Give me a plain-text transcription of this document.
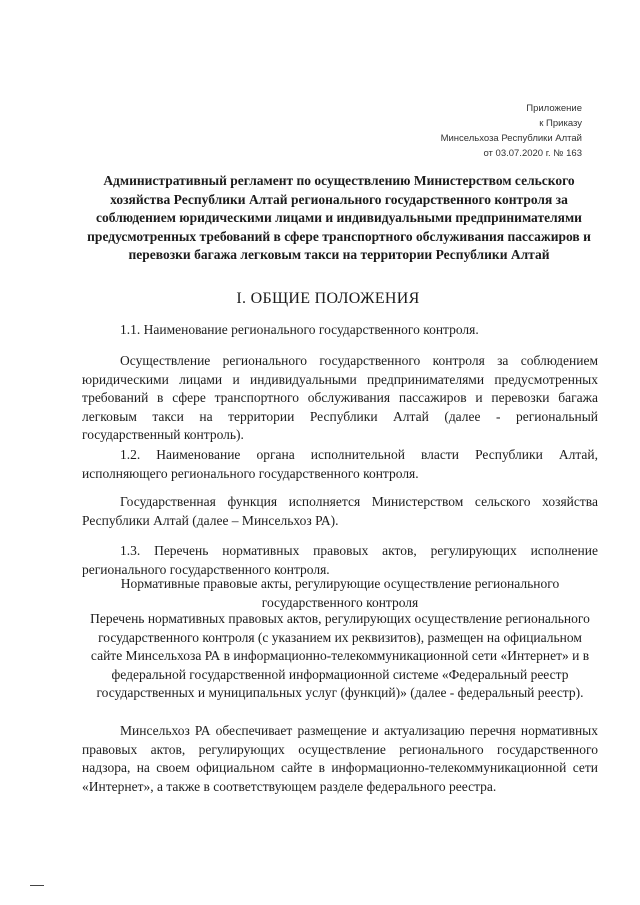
Приложение
к Приказу
Минсельхоза Республики Алтай
от 03.07.2020 г. № 163
Административный регламент по осуществлению Министерством сельского хозяйства Республики Алтай регионального государственного контроля за соблюдением юридическими лицами и индивидуальными предпринимателями предусмотренных требований в сфере транспортного обслуживания пассажиров и перевозки багажа легковым такси на территории Республики Алтай
I. ОБЩИЕ ПОЛОЖЕНИЯ
1.1. Наименование регионального государственного контроля.
Осуществление регионального государственного контроля за соблюдением юридическими лицами и индивидуальными предпринимателями предусмотренных требований в сфере транспортного обслуживания пассажиров и перевозки багажа легковым такси на территории Республики Алтай (далее - региональный государственный контроль).
1.2. Наименование органа исполнительной власти Республики Алтай, исполняющего регионального государственного контроля.
Государственная функция исполняется Министерством сельского хозяйства Республики Алтай (далее – Минсельхоз РА).
1.3. Перечень нормативных правовых актов, регулирующих исполнение регионального государственного контроля.
Нормативные правовые акты, регулирующие осуществление регионального государственного контроля
Перечень нормативных правовых актов, регулирующих осуществление регионального государственного контроля (с указанием их реквизитов), размещен на официальном сайте Минсельхоза РА в информационно-телекоммуникационной сети «Интернет» и в федеральной государственной информационной системе «Федеральный реестр государственных и муниципальных услуг (функций)» (далее - федеральный реестр).
Минсельхоз РА обеспечивает размещение и актуализацию перечня нормативных правовых актов, регулирующих осуществление регионального государственного надзора, на своем официальном сайте в информационно-телекоммуникационной сети «Интернет», а также в соответствующем разделе федерального реестра.
